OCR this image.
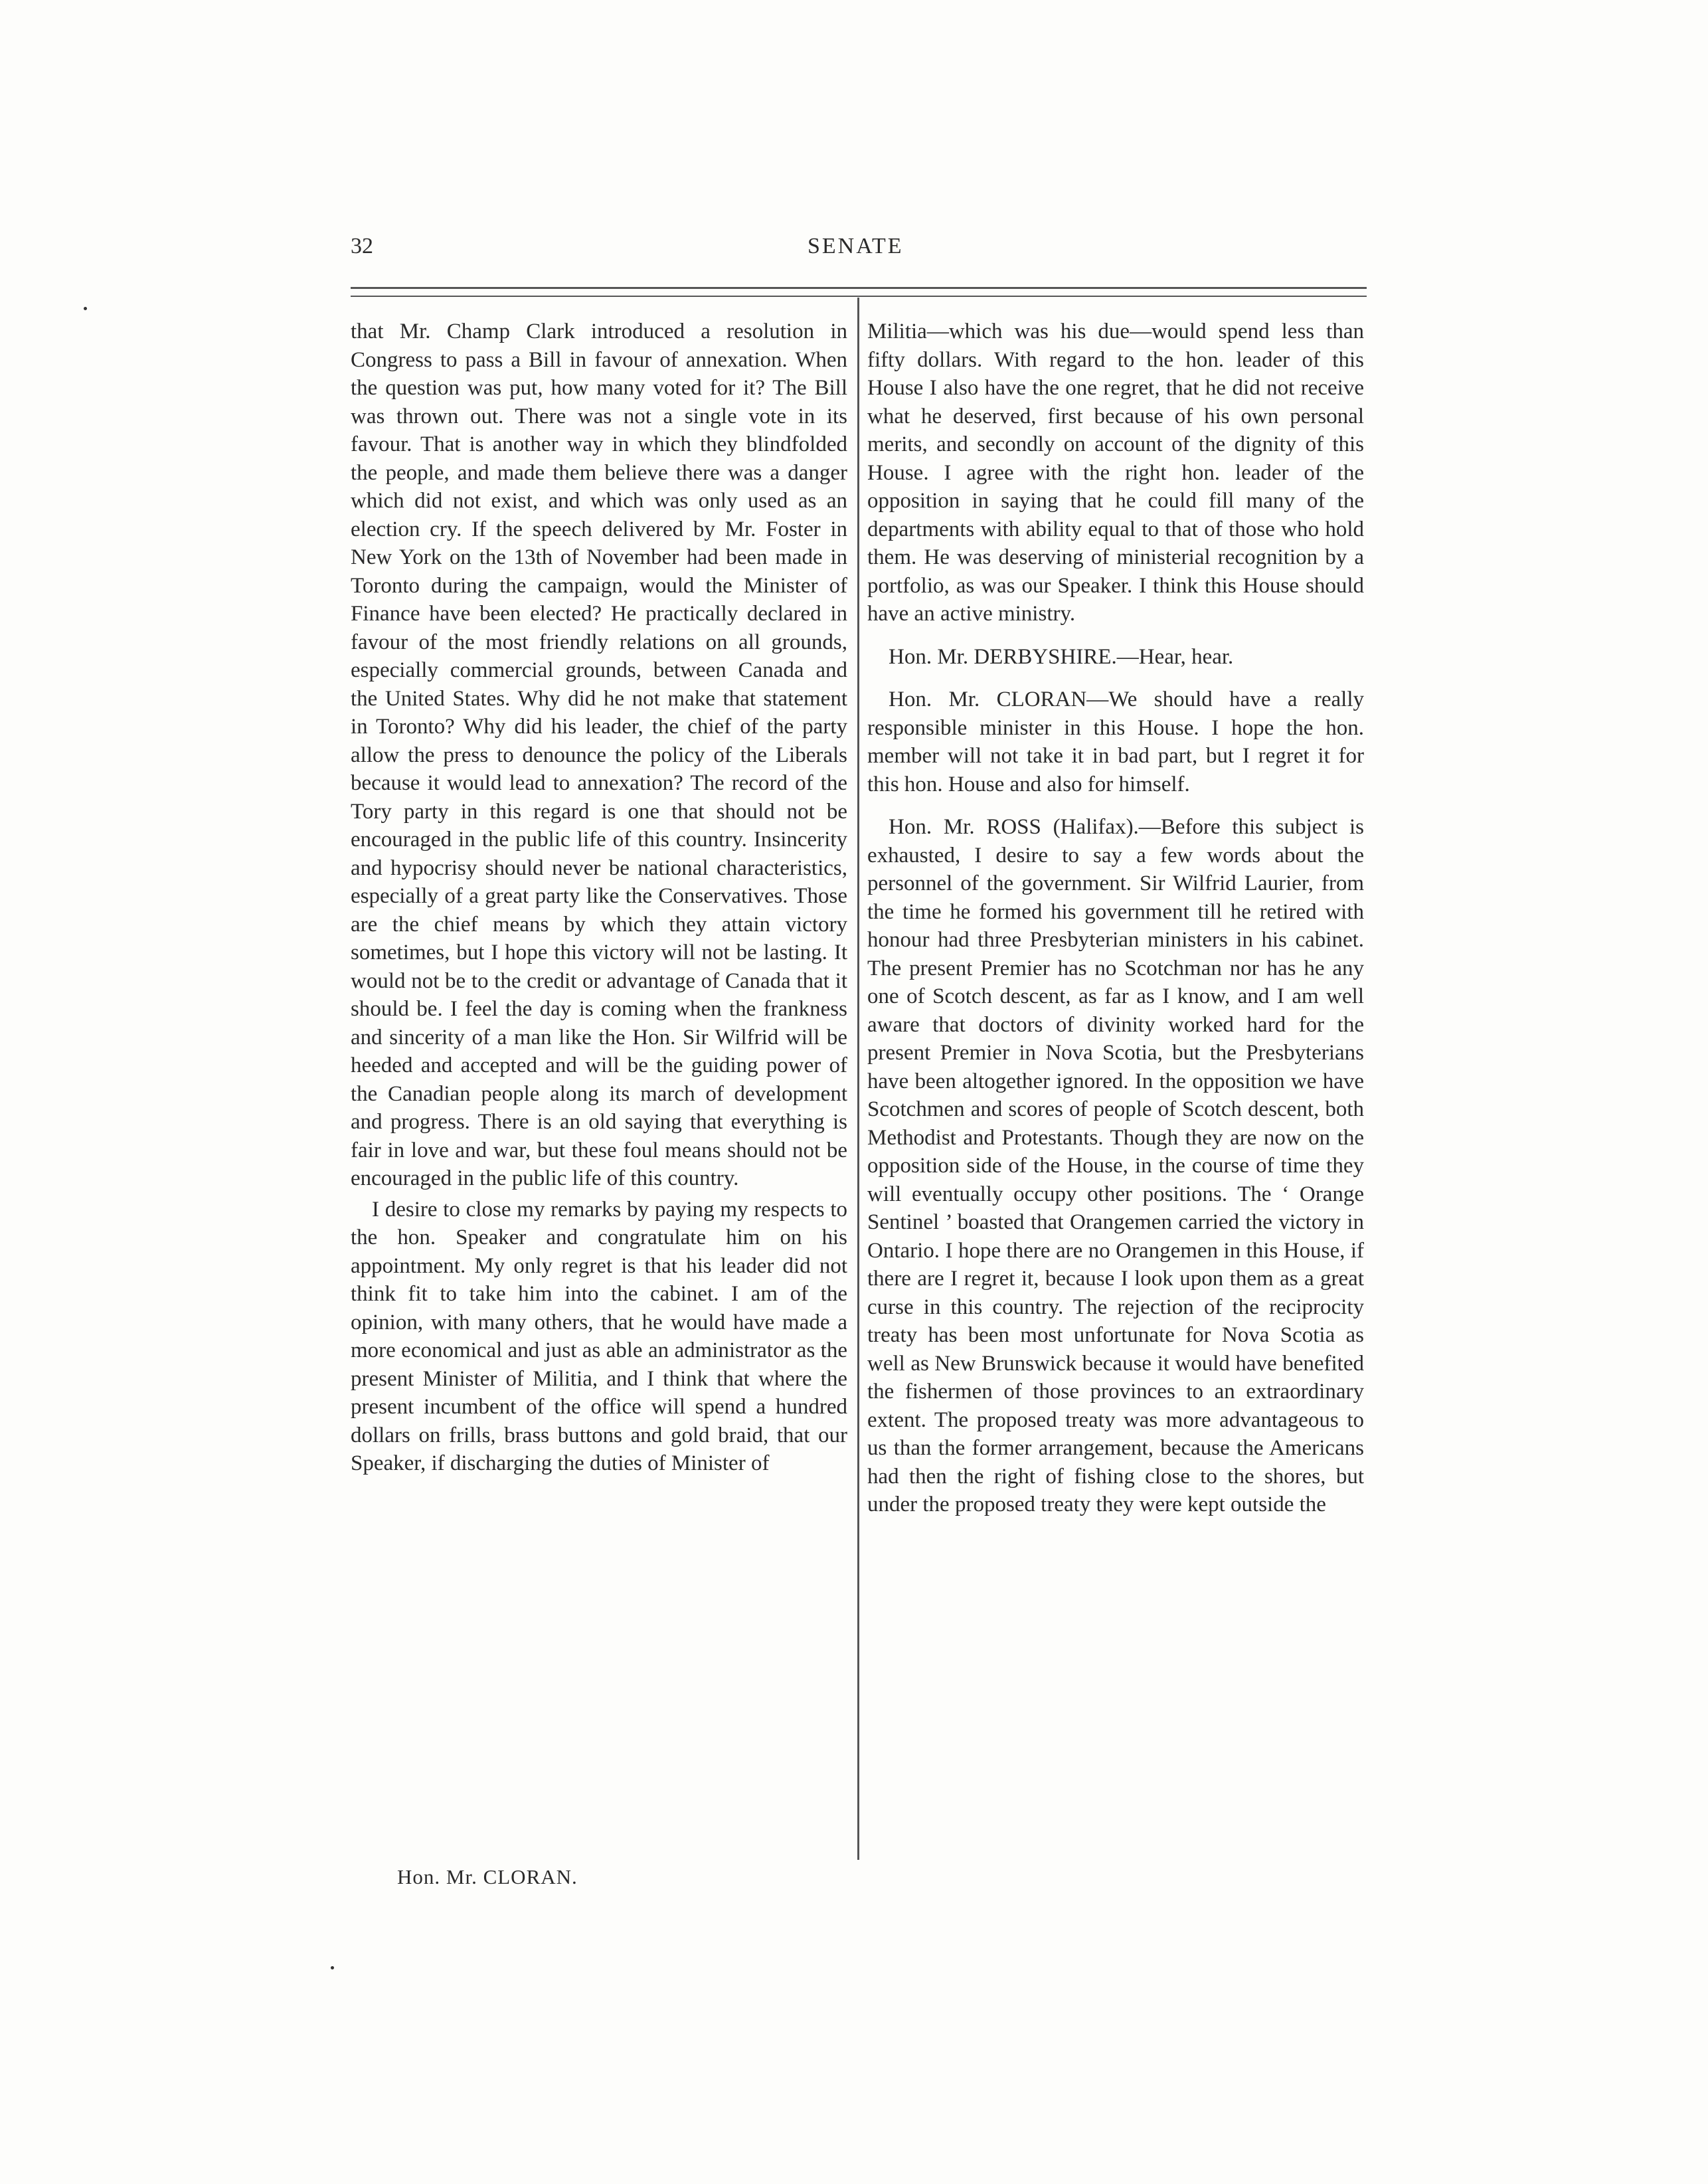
32	SENATE

that Mr. Champ Clark introduced a resolution in Congress to pass a Bill in favour of annexation. When the question was put, how many voted for it? The Bill was thrown out. There was not a single vote in its favour. That is another way in which they blindfolded the people, and made them believe there was a danger which did not exist, and which was only used as an election cry. If the speech delivered by Mr. Foster in New York on the 13th of November had been made in Toronto during the campaign, would the Minister of Finance have been elected? He practically declared in favour of the most friendly relations on all grounds, especially commercial grounds, between Canada and the United States. Why did he not make that statement in Toronto? Why did his leader, the chief of the party allow the press to denounce the policy of the Liberals because it would lead to annexation? The record of the Tory party in this regard is one that should not be encouraged in the public life of this country. Insincerity and hypocrisy should never be national characteristics, especially of a great party like the Conservatives. Those are the chief means by which they attain victory sometimes, but I hope this victory will not be lasting. It would not be to the credit or advantage of Canada that it should be. I feel the day is coming when the frankness and sincerity of a man like the Hon. Sir Wilfrid will be heeded and accepted and will be the guiding power of the Canadian people along its march of development and progress. There is an old saying that everything is fair in love and war, but these foul means should not be encouraged in the public life of this country.

I desire to close my remarks by paying my respects to the hon. Speaker and congratulate him on his appointment. My only regret is that his leader did not think fit to take him into the cabinet. I am of the opinion, with many others, that he would have made a more economical and just as able an administrator as the present Minister of Militia, and I think that where the present incumbent of the office will spend a hundred dollars on frills, brass buttons and gold braid, that our Speaker, if discharging the duties of Minister of

Militia—which was his due—would spend less than fifty dollars. With regard to the hon. leader of this House I also have the one regret, that he did not receive what he deserved, first because of his own personal merits, and secondly on account of the dignity of this House. I agree with the right hon. leader of the opposition in saying that he could fill many of the departments with ability equal to that of those who hold them. He was deserving of ministerial recognition by a portfolio, as was our Speaker. I think this House should have an active ministry.

Hon. Mr. DERBYSHIRE.—Hear, hear.

Hon. Mr. CLORAN—We should have a really responsible minister in this House. I hope the hon. member will not take it in bad part, but I regret it for this hon. House and also for himself.

Hon. Mr. ROSS (Halifax).—Before this subject is exhausted, I desire to say a few words about the personnel of the government. Sir Wilfrid Laurier, from the time he formed his government till he retired with honour had three Presbyterian ministers in his cabinet. The present Premier has no Scotchman nor has he any one of Scotch descent, as far as I know, and I am well aware that doctors of divinity worked hard for the present Premier in Nova Scotia, but the Presbyterians have been altogether ignored. In the opposition we have Scotchmen and scores of people of Scotch descent, both Methodist and Protestants. Though they are now on the opposition side of the House, in the course of time they will eventually occupy other positions. The ‘ Orange Sentinel ’ boasted that Orangemen carried the victory in Ontario. I hope there are no Orangemen in this House, if there are I regret it, because I look upon them as a great curse in this country. The rejection of the reciprocity treaty has been most unfortunate for Nova Scotia as well as New Brunswick because it would have benefited the fishermen of those provinces to an extraordinary extent. The proposed treaty was more advantageous to us than the former arrangement, because the Americans had then the right of fishing close to the shores, but under the proposed treaty they were kept outside the

Hon. Mr. CLORAN.
